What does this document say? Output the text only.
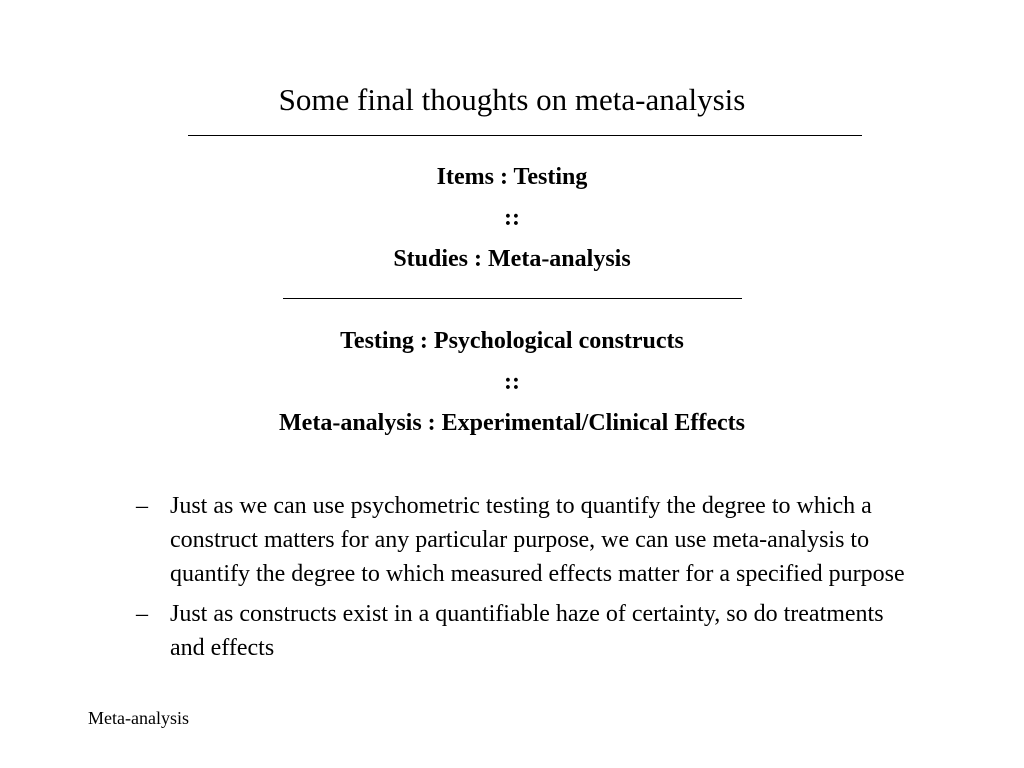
Some final thoughts on meta-analysis
Items : Testing
::
Studies : Meta-analysis
Testing : Psychological constructs
::
Meta-analysis : Experimental/Clinical Effects
– Just as we can use psychometric testing to quantify the degree to which a construct matters for any particular purpose, we can use meta-analysis to quantify the degree to which measured effects matter for a specified purpose
– Just as constructs exist in a quantifiable haze of certainty, so do treatments and effects
Meta-analysis
